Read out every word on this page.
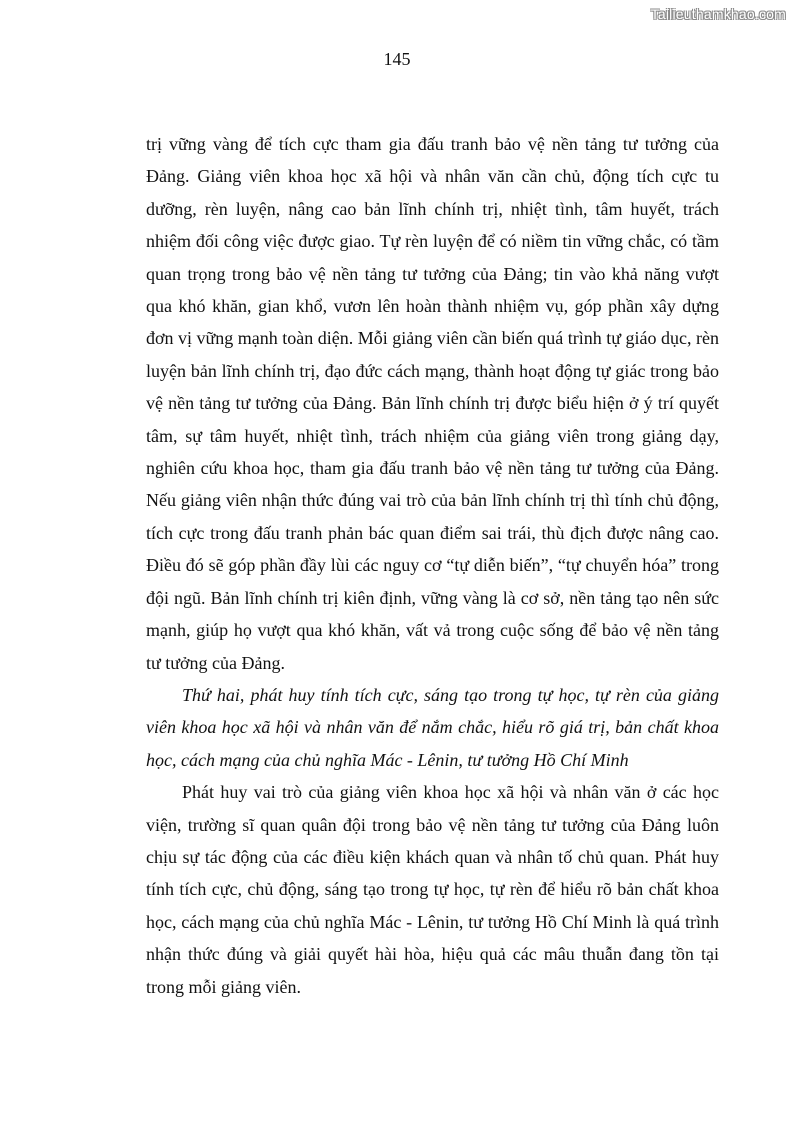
Tailieuthamkhao.com
145

trị vững vàng để tích cực tham gia đấu tranh bảo vệ nền tảng tư tưởng của Đảng. Giảng viên khoa học xã hội và nhân văn cần chủ, động tích cực tu dưỡng, rèn luyện, nâng cao bản lĩnh chính trị, nhiệt tình, tâm huyết, trách nhiệm đối công việc được giao. Tự rèn luyện để có niềm tin vững chắc, có tầm quan trọng trong bảo vệ nền tảng tư tưởng của Đảng; tin vào khả năng vượt qua khó khăn, gian khổ, vươn lên hoàn thành nhiệm vụ, góp phần xây dựng đơn vị vững mạnh toàn diện. Mỗi giảng viên cần biến quá trình tự giáo dục, rèn luyện bản lĩnh chính trị, đạo đức cách mạng, thành hoạt động tự giác trong bảo vệ nền tảng tư tưởng của Đảng. Bản lĩnh chính trị được biểu hiện ở ý trí quyết tâm, sự tâm huyết, nhiệt tình, trách nhiệm của giảng viên trong giảng dạy, nghiên cứu khoa học, tham gia đấu tranh bảo vệ nền tảng tư tưởng của Đảng. Nếu giảng viên nhận thức đúng vai trò của bản lĩnh chính trị thì tính chủ động, tích cực trong đấu tranh phản bác quan điểm sai trái, thù địch được nâng cao. Điều đó sẽ góp phần đầy lùi các nguy cơ “tự diễn biến”, “tự chuyển hóa” trong đội ngũ. Bản lĩnh chính trị kiên định, vững vàng là cơ sở, nền tảng tạo nên sức mạnh, giúp họ vượt qua khó khăn, vất vả trong cuộc sống để bảo vệ nền tảng tư tưởng của Đảng.

Thứ hai, phát huy tính tích cực, sáng tạo trong tự học, tự rèn của giảng viên khoa học xã hội và nhân văn để nắm chắc, hiểu rõ giá trị, bản chất khoa học, cách mạng của chủ nghĩa Mác - Lênin, tư tưởng Hồ Chí Minh

Phát huy vai trò của giảng viên khoa học xã hội và nhân văn ở các học viện, trường sĩ quan quân đội trong bảo vệ nền tảng tư tưởng của Đảng luôn chịu sự tác động của các điều kiện khách quan và nhân tố chủ quan. Phát huy tính tích cực, chủ động, sáng tạo trong tự học, tự rèn để hiểu rõ bản chất khoa học, cách mạng của chủ nghĩa Mác - Lênin, tư tưởng Hồ Chí Minh là quá trình nhận thức đúng và giải quyết hài hòa, hiệu quả các mâu thuẫn đang tồn tại trong mỗi giảng viên.
